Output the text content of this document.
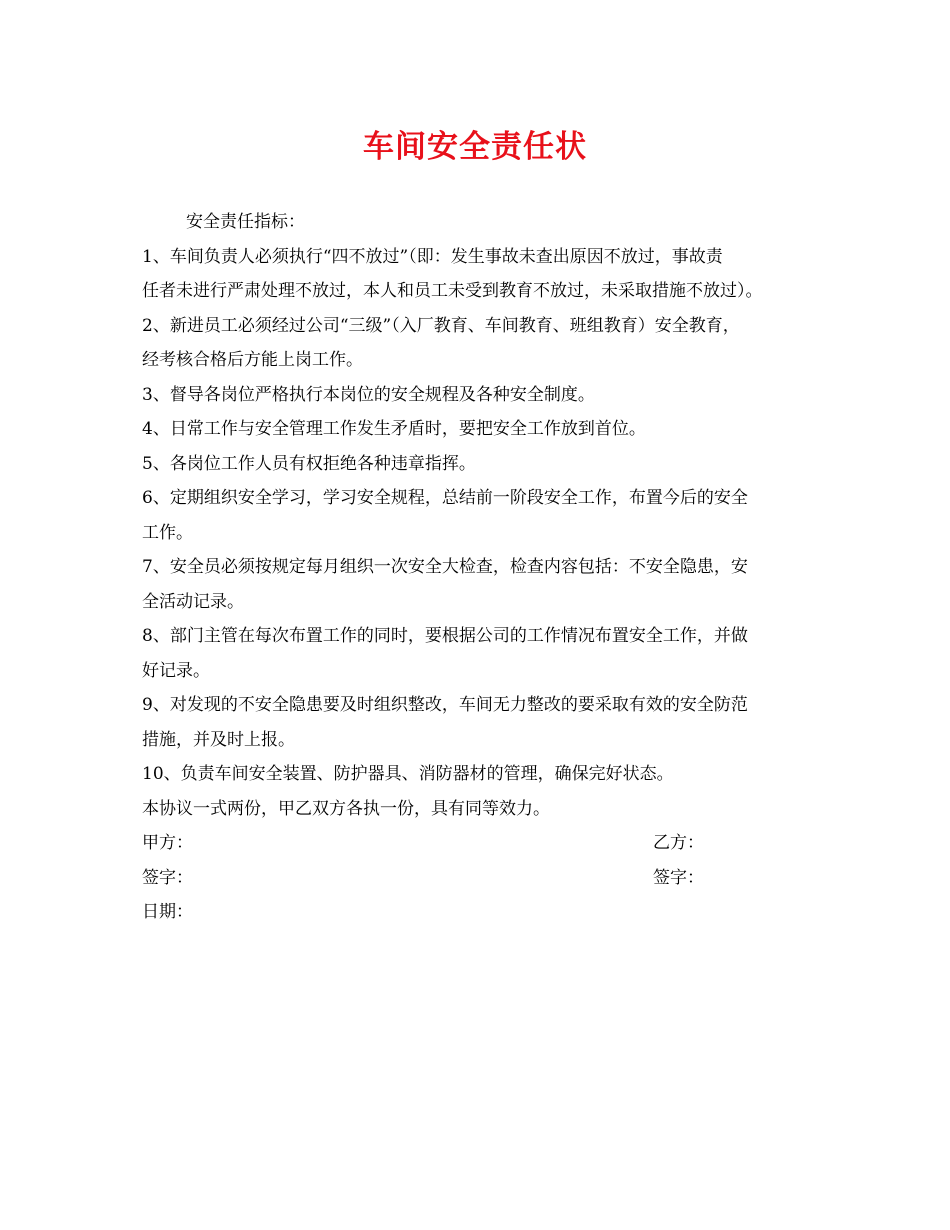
车间安全责任状
安全责任指标：
1、车间负责人必须执行“四不放过”（即：发生事故未查出原因不放过，事故责
任者未进行严肃处理不放过，本人和员工未受到教育不放过，未采取措施不放过）。
2、新进员工必须经过公司“三级”（入厂教育、车间教育、班组教育）安全教育，
经考核合格后方能上岗工作。
3、督导各岗位严格执行本岗位的安全规程及各种安全制度。
4、日常工作与安全管理工作发生矛盾时，要把安全工作放到首位。
5、各岗位工作人员有权拒绝各种违章指挥。
6、定期组织安全学习，学习安全规程，总结前一阶段安全工作，布置今后的安全
工作。
7、安全员必须按规定每月组织一次安全大检查，检查内容包括：不安全隐患，安
全活动记录。
8、部门主管在每次布置工作的同时，要根据公司的工作情况布置安全工作，并做
好记录。
9、对发现的不安全隐患要及时组织整改，车间无力整改的要采取有效的安全防范
措施，并及时上报。
10、负责车间安全装置、防护器具、消防器材的管理，确保完好状态。
本协议一式两份，甲乙双方各执一份，具有同等效力。
甲方：	乙方：
签字：	签字：
日期：
